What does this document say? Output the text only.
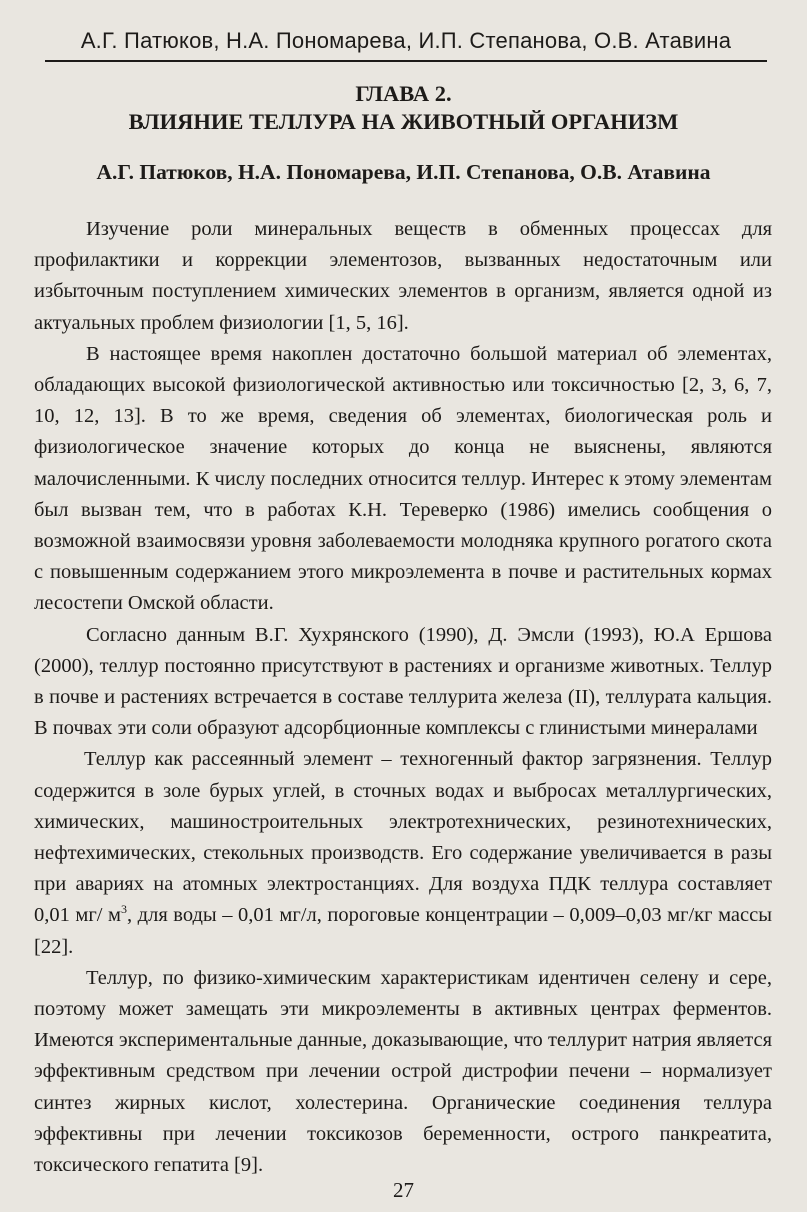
А.Г. Патюков, Н.А. Пономарева, И.П. Степанова, О.В. Атавина
ГЛАВА 2.
ВЛИЯНИЕ ТЕЛЛУРА НА ЖИВОТНЫЙ ОРГАНИЗМ
А.Г. Патюков, Н.А. Пономарева, И.П. Степанова, О.В. Атавина

Изучение роли минеральных веществ в обменных процессах для профилактики и коррекции элементозов, вызванных недостаточным или избыточным поступлением химических элементов в организм, является одной из актуальных проблем физиологии [1, 5, 16].

В настоящее время накоплен достаточно большой материал об элементах, обладающих высокой физиологической активностью или токсичностью [2, 3, 6, 7, 10, 12, 13]. В то же время, сведения об элементах, биологическая роль и физиологическое значение которых до конца не выяснены, являются малочисленными. К числу последних относится теллур. Интерес к этому элементам был вызван тем, что в работах К.Н. Тереверко (1986) имелись сообщения о возможной взаимосвязи уровня заболеваемости молодняка крупного рогатого скота с повышенным содержанием этого микроэлемента в почве и растительных кормах лесостепи Омской области.

Согласно данным В.Г. Хухрянского (1990), Д. Эмсли (1993), Ю.А Ершова (2000), теллур постоянно присутствуют в растениях и организме животных. Теллур в почве и растениях встречается в составе теллурита железа (II), теллурата кальция. В почвах эти соли образуют адсорбционные комплексы с глинистыми минералами

Теллур как рассеянный элемент – техногенный фактор загрязнения. Теллур содержится в золе бурых углей, в сточных водах и выбросах металлургических, химических, машиностроительных электротехнических, резинотехнических, нефтехимических, стекольных производств. Его содержание увеличивается в разы при авариях на атомных электростанциях. Для воздуха ПДК теллура составляет 0,01 мг/ $м^3$, для воды – 0,01 мг/л, пороговые концентрации – 0,009–0,03 мг/кг массы [22].

Теллур, по физико-химическим характеристикам идентичен селену и сере, поэтому может замещать эти микроэлементы в активных центрах ферментов. Имеются экспериментальные данные, доказывающие, что теллурит натрия является эффективным средством при лечении острой дистрофии печени – нормализует синтез жирных кислот, холестерина. Органические соединения теллура эффективны при лечении токсикозов беременности, острого панкреатита, токсического гепатита [9].

27
